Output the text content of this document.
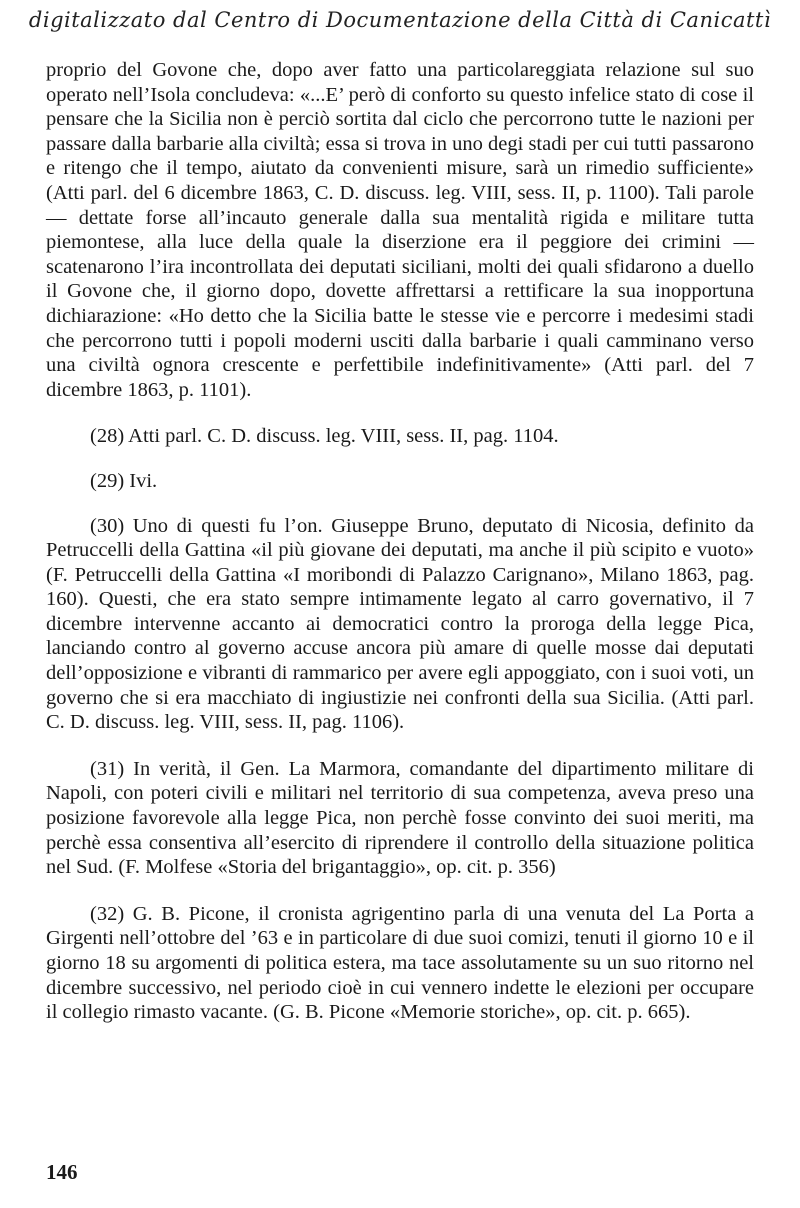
digitalizzato dal Centro di Documentazione della Città di Canicattì

proprio del Govone che, dopo aver fatto una particolareggiata relazione sul suo operato nell’Isola concludeva: «...E’ però di conforto su questo infelice stato di cose il pensare che la Sicilia non è perciò sortita dal ciclo che percorrono tutte le nazioni per passare dalla barbarie alla civiltà; essa si trova in uno degi stadi per cui tutti passarono e ritengo che il tempo, aiutato da convenienti misure, sarà un rimedio sufficiente» (Atti parl. del 6 dicembre 1863, C. D. discuss. leg. VIII, sess. II, p. 1100). Tali parole — dettate forse all’incauto generale dalla sua mentalità rigida e militare tutta piemontese, alla luce della quale la diserzione era il peggiore dei crimini — scatenarono l’ira incontrollata dei deputati siciliani, molti dei quali sfidarono a duello il Govone che, il giorno dopo, dovette affrettarsi a rettificare la sua inopportuna dichiarazione: «Ho detto che la Sicilia batte le stesse vie e percorre i medesimi stadi che percorrono tutti i popoli moderni usciti dalla barbarie i quali camminano verso una civiltà ognora crescente e perfettibile indefinitivamente» (Atti parl. del 7 dicembre 1863, p. 1101).

(28) Atti parl. C. D. discuss. leg. VIII, sess. II, pag. 1104.

(29) Ivi.

(30) Uno di questi fu l’on. Giuseppe Bruno, deputato di Nicosia, definito da Petruccelli della Gattina «il più giovane dei deputati, ma anche il più scipito e vuoto» (F. Petruccelli della Gattina «I moribondi di Palazzo Carignano», Milano 1863, pag. 160). Questi, che era stato sempre intimamente legato al carro governativo, il 7 dicembre intervenne accanto ai democratici contro la proroga della legge Pica, lanciando contro al governo accuse ancora più amare di quelle mosse dai deputati dell’opposizione e vibranti di rammarico per avere egli appoggiato, con i suoi voti, un governo che si era macchiato di ingiustizie nei confronti della sua Sicilia. (Atti parl. C. D. discuss. leg. VIII, sess. II, pag. 1106).

(31) In verità, il Gen. La Marmora, comandante del dipartimento militare di Napoli, con poteri civili e militari nel territorio di sua competenza, aveva preso una posizione favorevole alla legge Pica, non perchè fosse convinto dei suoi meriti, ma perchè essa consentiva all’esercito di riprendere il controllo della situazione politica nel Sud. (F. Molfese «Storia del brigantaggio», op. cit. p. 356)

(32) G. B. Picone, il cronista agrigentino parla di una venuta del La Porta a Girgenti nell’ottobre del ’63 e in particolare di due suoi comizi, tenuti il giorno 10 e il giorno 18 su argomenti di politica estera, ma tace assolutamente su un suo ritorno nel dicembre successivo, nel periodo cioè in cui vennero indette le elezioni per occupare il collegio rimasto vacante. (G. B. Picone «Memorie storiche», op. cit. p. 665).

146
